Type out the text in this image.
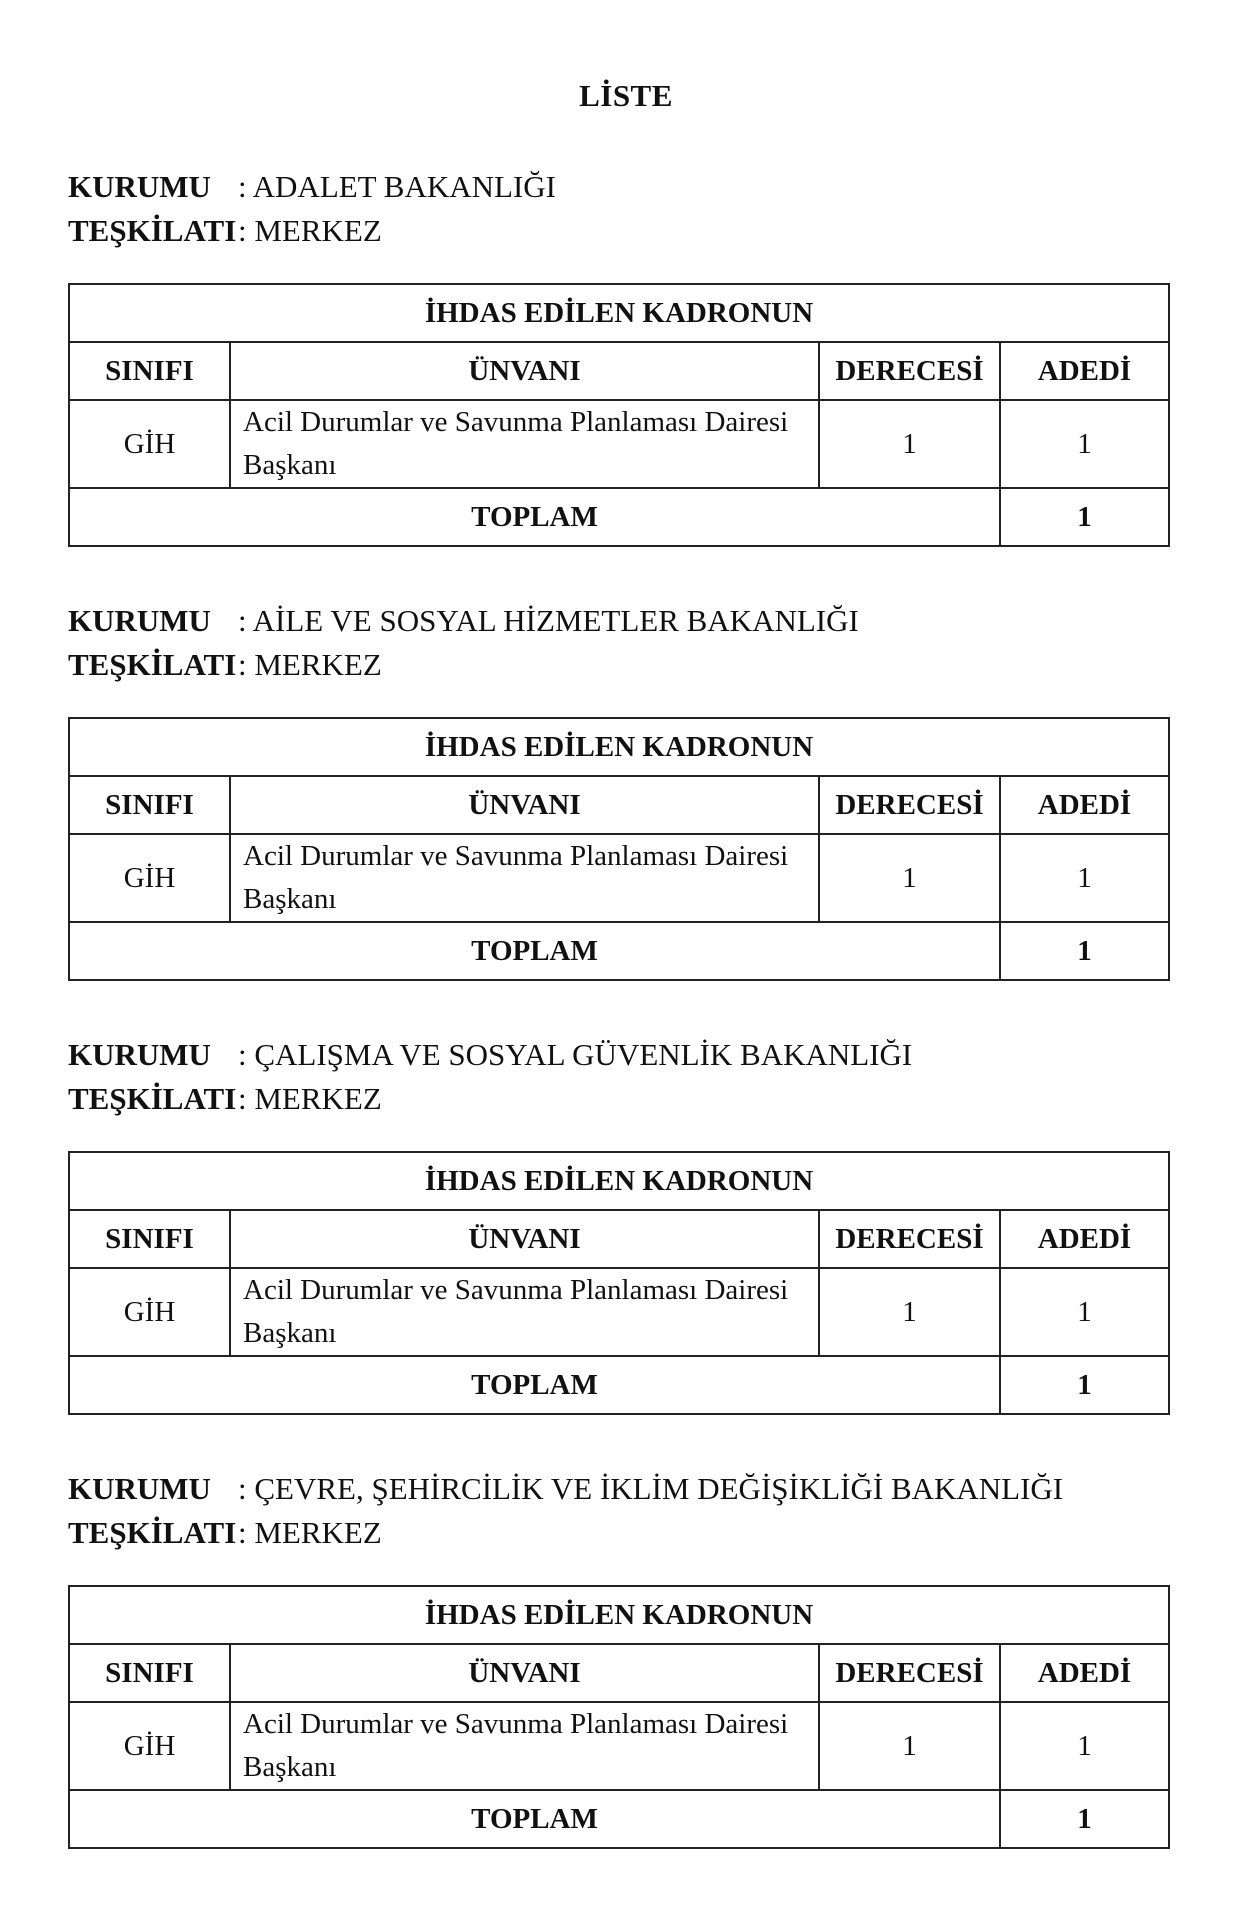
LİSTE
KURUMU : ADALET BAKANLIĞI
TEŞKİLATI : MERKEZ
İHDAS EDİLEN KADRONUN			
SINIFI	ÜNVANI	DERECESİ	ADEDİ
GİH	Acil Durumlar ve Savunma Planlaması Dairesi Başkanı	1	1
TOPLAM			1
KURUMU : AİLE VE SOSYAL HİZMETLER BAKANLIĞI
TEŞKİLATI : MERKEZ
İHDAS EDİLEN KADRONUN			
SINIFI	ÜNVANI	DERECESİ	ADEDİ
GİH	Acil Durumlar ve Savunma Planlaması Dairesi Başkanı	1	1
TOPLAM			1
KURUMU : ÇALIŞMA VE SOSYAL GÜVENLİK BAKANLIĞI
TEŞKİLATI : MERKEZ
İHDAS EDİLEN KADRONUN			
SINIFI	ÜNVANI	DERECESİ	ADEDİ
GİH	Acil Durumlar ve Savunma Planlaması Dairesi Başkanı	1	1
TOPLAM			1
KURUMU : ÇEVRE, ŞEHİRCİLİK VE İKLİM DEĞİŞİKLİĞİ BAKANLIĞI
TEŞKİLATI : MERKEZ
İHDAS EDİLEN KADRONUN			
SINIFI	ÜNVANI	DERECESİ	ADEDİ
GİH	Acil Durumlar ve Savunma Planlaması Dairesi Başkanı	1	1
TOPLAM			1
